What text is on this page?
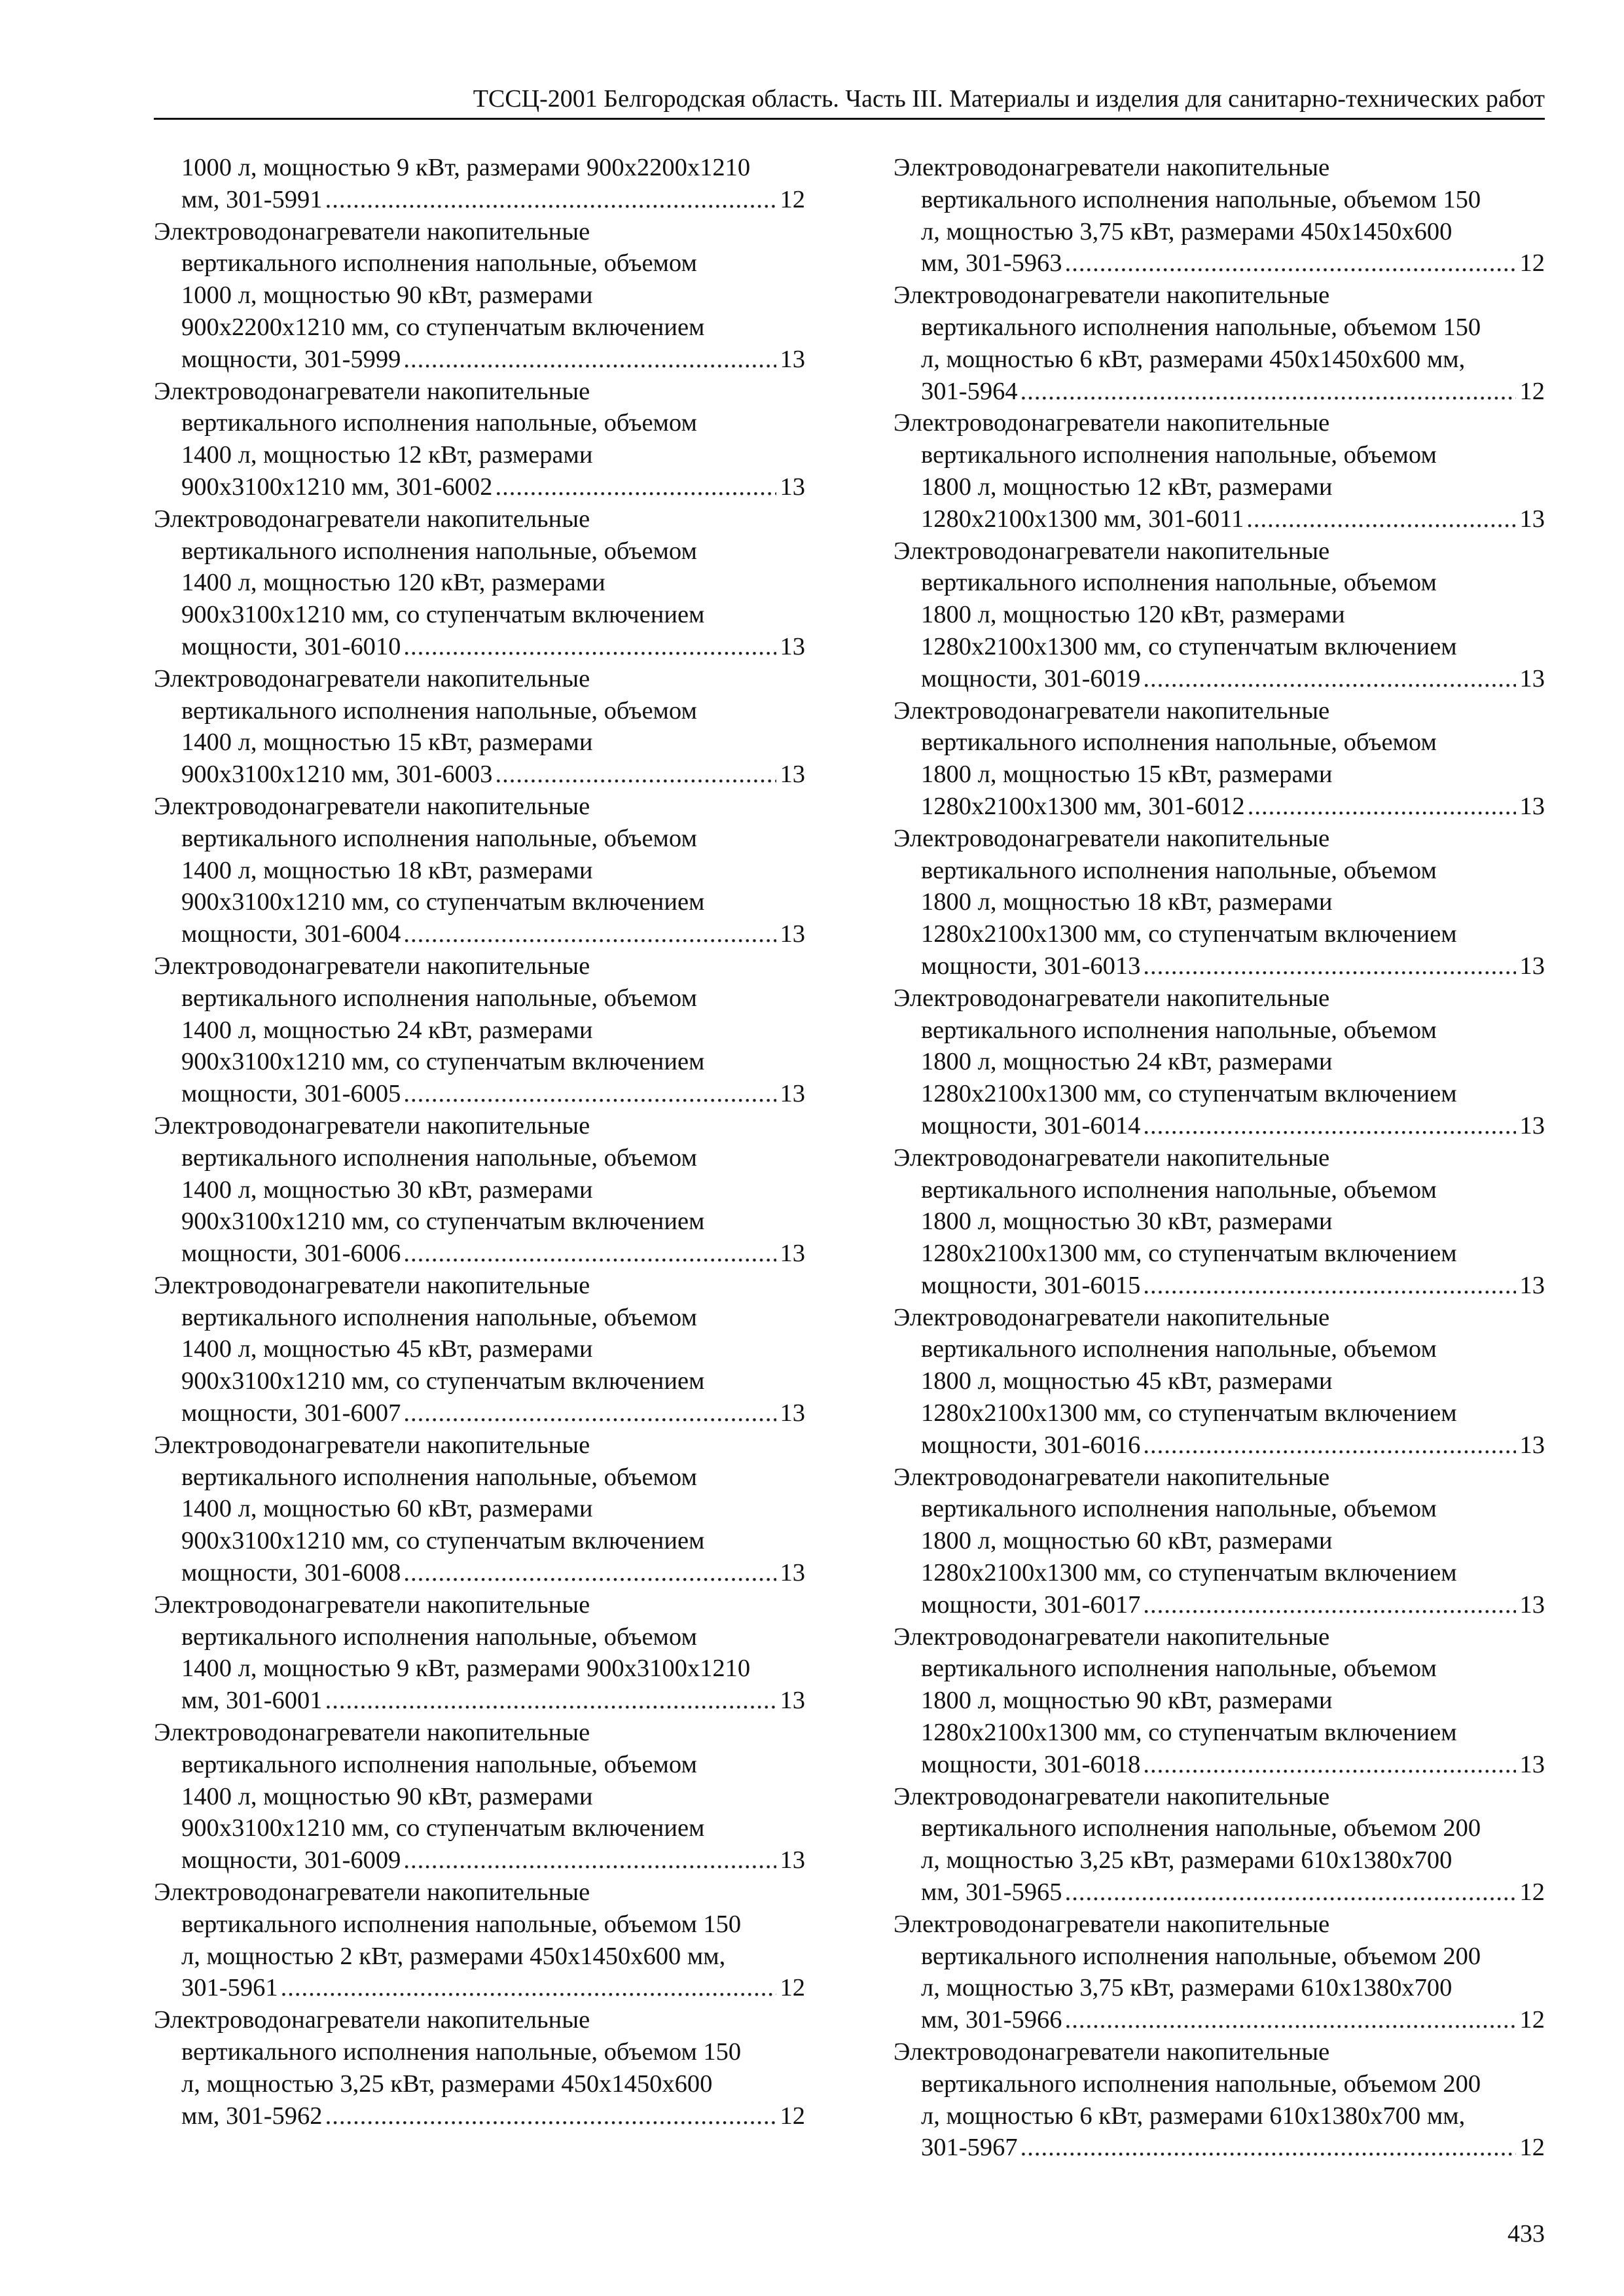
ТССЦ-2001 Белгородская область. Часть III. Материалы и изделия для санитарно-технических работ
1000 л, мощностью 9 кВт, размерами 900x2200x1210
мм, 301-5991 .....	12
Электроводонагреватели накопительные
вертикального исполнения напольные, объемом
1000 л, мощностью 90 кВт, размерами
900x2200x1210 мм, со ступенчатым включением
мощности, 301-5999 .....	13
Электроводонагреватели накопительные
вертикального исполнения напольные, объемом
1400 л, мощностью 12 кВт, размерами
900x3100x1210 мм, 301-6002 .....	13
Электроводонагреватели накопительные
вертикального исполнения напольные, объемом
1400 л, мощностью 120 кВт, размерами
900x3100x1210 мм, со ступенчатым включением
мощности, 301-6010 .....	13
Электроводонагреватели накопительные
вертикального исполнения напольные, объемом
1400 л, мощностью 15 кВт, размерами
900x3100x1210 мм, 301-6003 .....	13
Электроводонагреватели накопительные
вертикального исполнения напольные, объемом
1400 л, мощностью 18 кВт, размерами
900x3100x1210 мм, со ступенчатым включением
мощности, 301-6004 .....	13
Электроводонагреватели накопительные
вертикального исполнения напольные, объемом
1400 л, мощностью 24 кВт, размерами
900x3100x1210 мм, со ступенчатым включением
мощности, 301-6005 .....	13
Электроводонагреватели накопительные
вертикального исполнения напольные, объемом
1400 л, мощностью 30 кВт, размерами
900x3100x1210 мм, со ступенчатым включением
мощности, 301-6006 .....	13
Электроводонагреватели накопительные
вертикального исполнения напольные, объемом
1400 л, мощностью 45 кВт, размерами
900x3100x1210 мм, со ступенчатым включением
мощности, 301-6007 .....	13
Электроводонагреватели накопительные
вертикального исполнения напольные, объемом
1400 л, мощностью 60 кВт, размерами
900x3100x1210 мм, со ступенчатым включением
мощности, 301-6008 .....	13
Электроводонагреватели накопительные
вертикального исполнения напольные, объемом
1400 л, мощностью 9 кВт, размерами 900x3100x1210
мм, 301-6001 .....	13
Электроводонагреватели накопительные
вертикального исполнения напольные, объемом
1400 л, мощностью 90 кВт, размерами
900x3100x1210 мм, со ступенчатым включением
мощности, 301-6009 .....	13
Электроводонагреватели накопительные
вертикального исполнения напольные, объемом 150
л, мощностью 2 кВт, размерами 450x1450x600 мм,
301-5961 .....	12
Электроводонагреватели накопительные
вертикального исполнения напольные, объемом 150
л, мощностью 3,25 кВт, размерами 450x1450x600
мм, 301-5962 .....	12
Электроводонагреватели накопительные
вертикального исполнения напольные, объемом 150
л, мощностью 3,75 кВт, размерами 450x1450x600
мм, 301-5963 .....	12
Электроводонагреватели накопительные
вертикального исполнения напольные, объемом 150
л, мощностью 6 кВт, размерами 450x1450x600 мм,
301-5964 .....	12
Электроводонагреватели накопительные
вертикального исполнения напольные, объемом
1800 л, мощностью 12 кВт, размерами
1280x2100x1300 мм, 301-6011 .....	13
Электроводонагреватели накопительные
вертикального исполнения напольные, объемом
1800 л, мощностью 120 кВт, размерами
1280x2100x1300 мм, со ступенчатым включением
мощности, 301-6019 .....	13
Электроводонагреватели накопительные
вертикального исполнения напольные, объемом
1800 л, мощностью 15 кВт, размерами
1280x2100x1300 мм, 301-6012 .....	13
Электроводонагреватели накопительные
вертикального исполнения напольные, объемом
1800 л, мощностью 18 кВт, размерами
1280x2100x1300 мм, со ступенчатым включением
мощности, 301-6013 .....	13
Электроводонагреватели накопительные
вертикального исполнения напольные, объемом
1800 л, мощностью 24 кВт, размерами
1280x2100x1300 мм, со ступенчатым включением
мощности, 301-6014 .....	13
Электроводонагреватели накопительные
вертикального исполнения напольные, объемом
1800 л, мощностью 30 кВт, размерами
1280x2100x1300 мм, со ступенчатым включением
мощности, 301-6015 .....	13
Электроводонагреватели накопительные
вертикального исполнения напольные, объемом
1800 л, мощностью 45 кВт, размерами
1280x2100x1300 мм, со ступенчатым включением
мощности, 301-6016 .....	13
Электроводонагреватели накопительные
вертикального исполнения напольные, объемом
1800 л, мощностью 60 кВт, размерами
1280x2100x1300 мм, со ступенчатым включением
мощности, 301-6017 .....	13
Электроводонагреватели накопительные
вертикального исполнения напольные, объемом
1800 л, мощностью 90 кВт, размерами
1280x2100x1300 мм, со ступенчатым включением
мощности, 301-6018 .....	13
Электроводонагреватели накопительные
вертикального исполнения напольные, объемом 200
л, мощностью 3,25 кВт, размерами 610x1380x700
мм, 301-5965 .....	12
Электроводонагреватели накопительные
вертикального исполнения напольные, объемом 200
л, мощностью 3,75 кВт, размерами 610x1380x700
мм, 301-5966 .....	12
Электроводонагреватели накопительные
вертикального исполнения напольные, объемом 200
л, мощностью 6 кВт, размерами 610x1380x700 мм,
301-5967 .....	12
433
